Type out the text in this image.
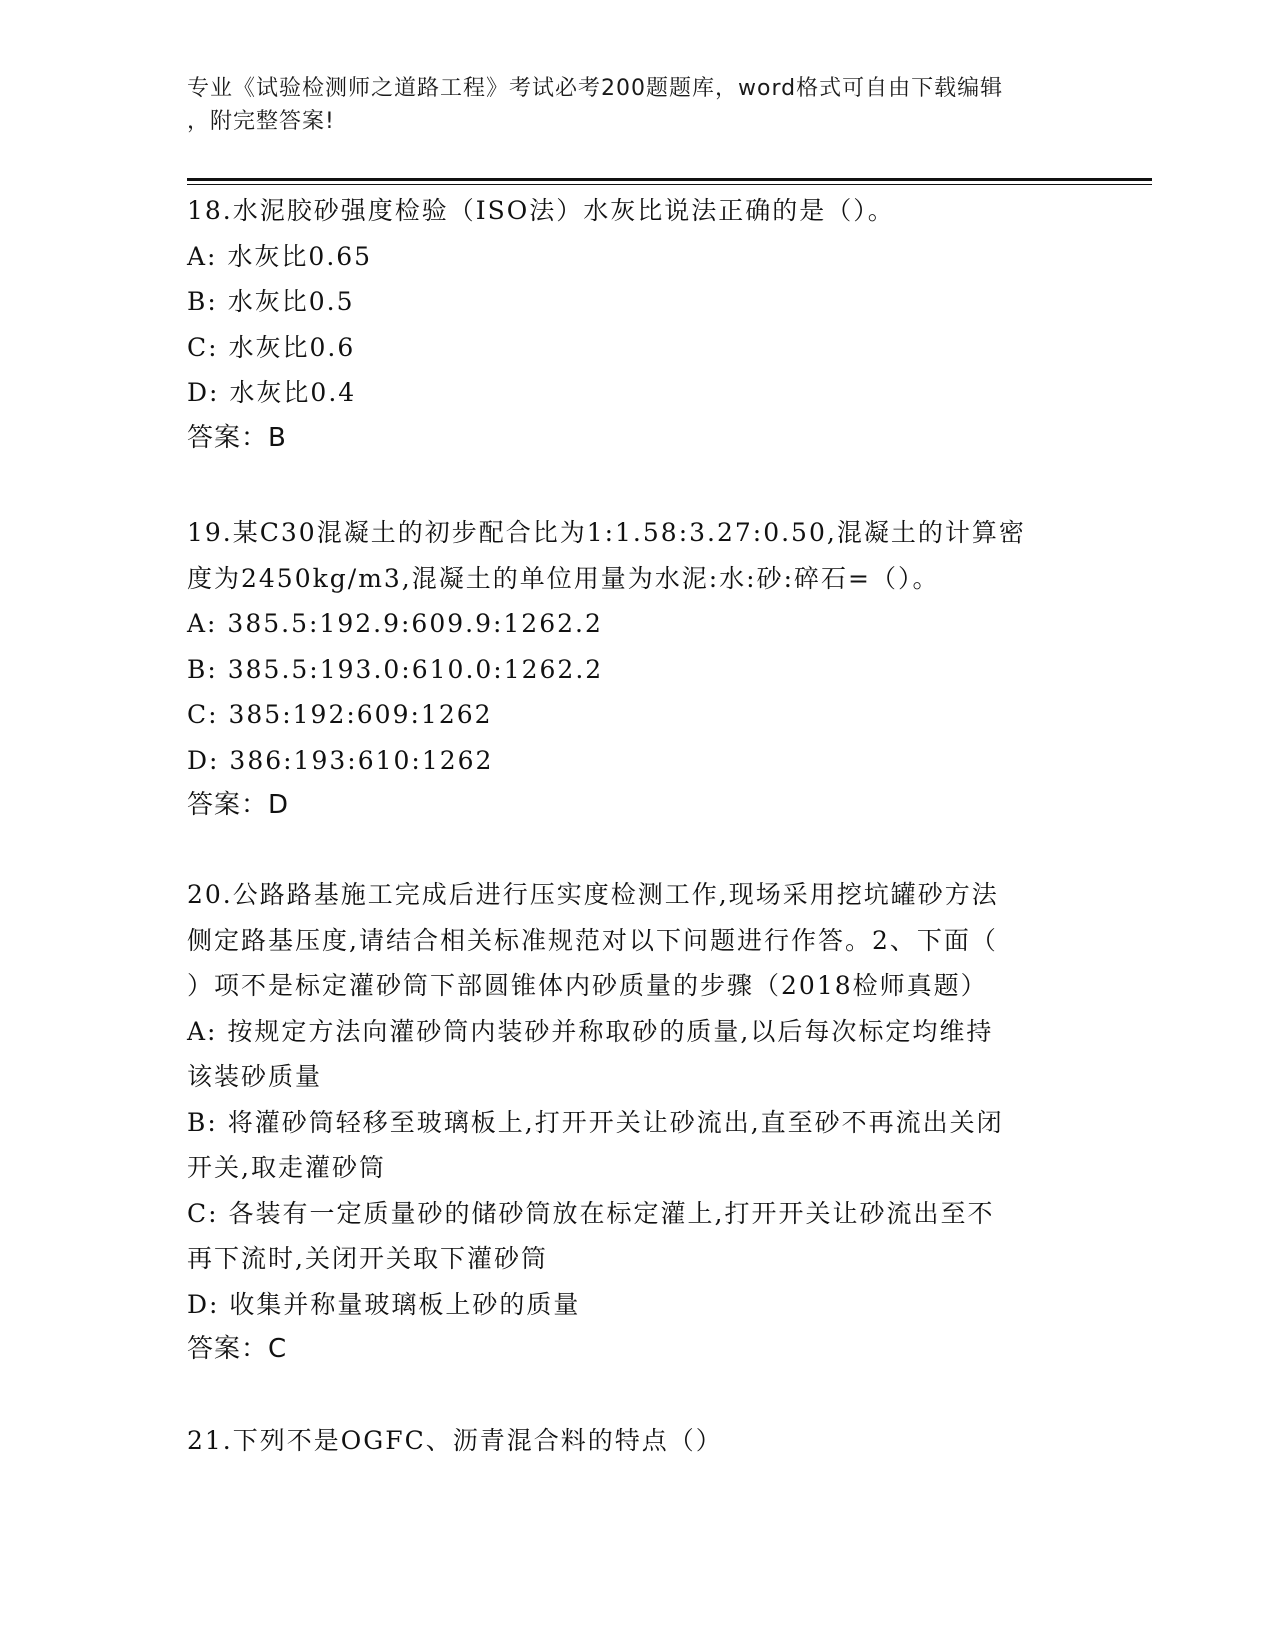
专业《试验检测师之道路工程》考试必考200题题库，word格式可自由下载编辑
，附完整答案!
18.水泥胶砂强度检验（ISO法）水灰比说法正确的是（）。
A: 水灰比0.65
B: 水灰比0.5
C: 水灰比0.6
D: 水灰比0.4
答案：B
19.某C30混凝土的初步配合比为1:1.58:3.27:0.50,混凝土的计算密
度为2450kg/m3,混凝土的单位用量为水泥:水:砂:碎石=（）。
A: 385.5:192.9:609.9:1262.2
B: 385.5:193.0:610.0:1262.2
C: 385:192:609:1262
D: 386:193:610:1262
答案：D
20.公路路基施工完成后进行压实度检测工作,现场采用挖坑罐砂方法
侧定路基压度,请结合相关标准规范对以下问题进行作答。2、下面（
）项不是标定灌砂筒下部圆锥体内砂质量的步骤（2018检师真题）
A: 按规定方法向灌砂筒内装砂并称取砂的质量,以后每次标定均维持
该装砂质量
B: 将灌砂筒轻移至玻璃板上,打开开关让砂流出,直至砂不再流出关闭
开关,取走灌砂筒
C: 各装有一定质量砂的储砂筒放在标定灌上,打开开关让砂流出至不
再下流时,关闭开关取下灌砂筒
D: 收集并称量玻璃板上砂的质量
答案：C
21.下列不是OGFC、沥青混合料的特点（）
